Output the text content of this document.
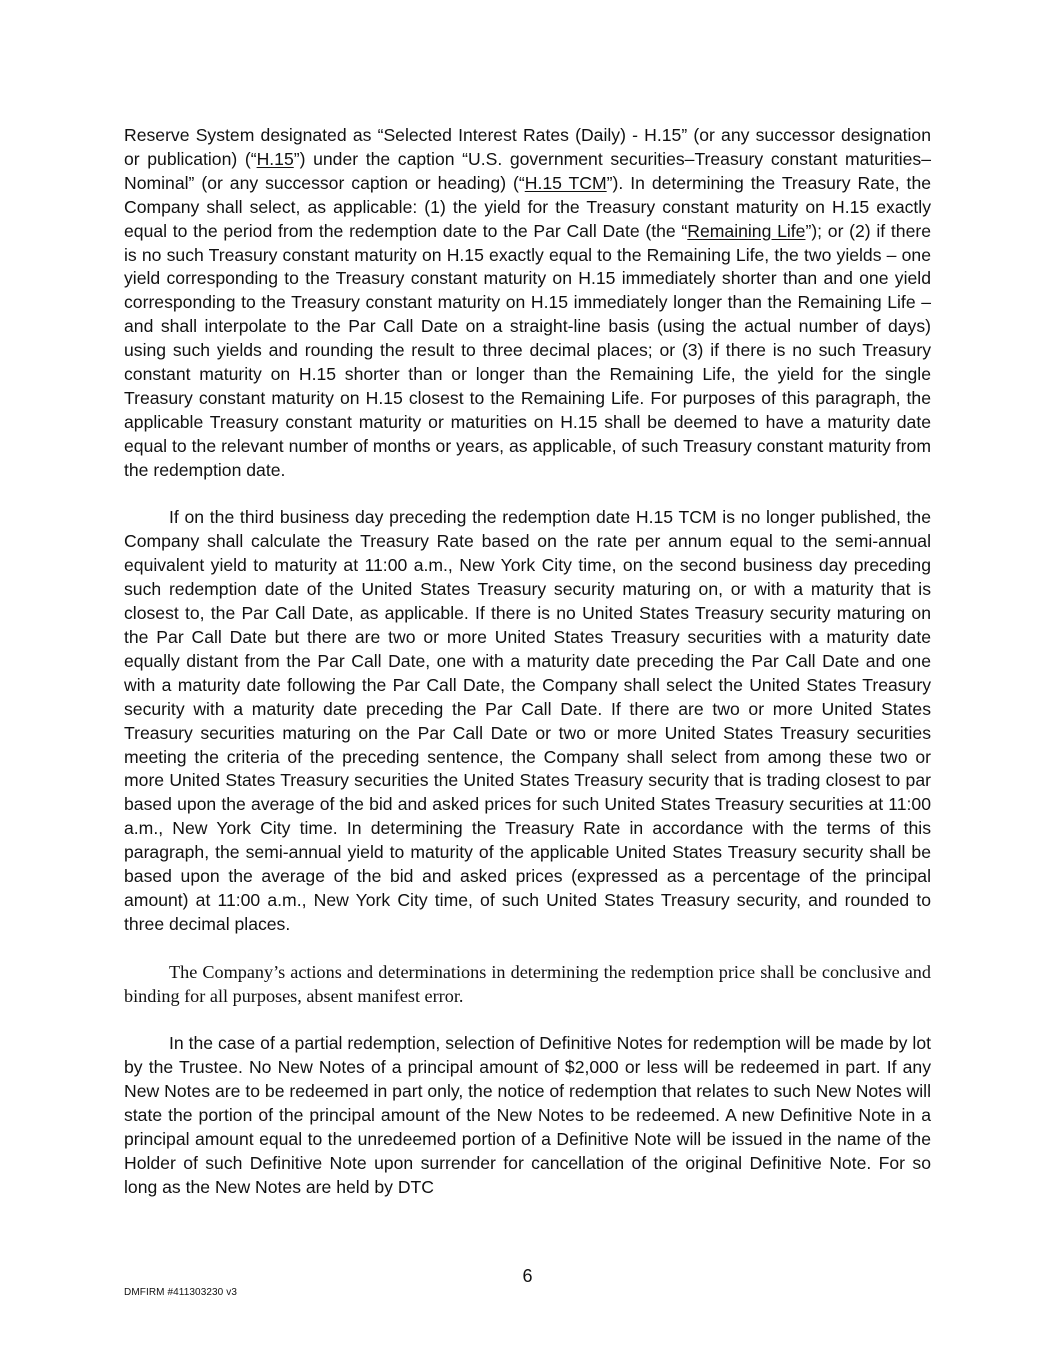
Reserve System designated as “Selected Interest Rates (Daily) - H.15” (or any successor designation or publication) (“H.15”) under the caption “U.S. government securities–Treasury constant maturities–Nominal” (or any successor caption or heading) (“H.15 TCM”). In determining the Treasury Rate, the Company shall select, as applicable: (1) the yield for the Treasury constant maturity on H.15 exactly equal to the period from the redemption date to the Par Call Date (the “Remaining Life”); or (2) if there is no such Treasury constant maturity on H.15 exactly equal to the Remaining Life, the two yields – one yield corresponding to the Treasury constant maturity on H.15 immediately shorter than and one yield corresponding to the Treasury constant maturity on H.15 immediately longer than the Remaining Life – and shall interpolate to the Par Call Date on a straight-line basis (using the actual number of days) using such yields and rounding the result to three decimal places; or (3) if there is no such Treasury constant maturity on H.15 shorter than or longer than the Remaining Life, the yield for the single Treasury constant maturity on H.15 closest to the Remaining Life. For purposes of this paragraph, the applicable Treasury constant maturity or maturities on H.15 shall be deemed to have a maturity date equal to the relevant number of months or years, as applicable, of such Treasury constant maturity from the redemption date.

If on the third business day preceding the redemption date H.15 TCM is no longer published, the Company shall calculate the Treasury Rate based on the rate per annum equal to the semi-annual equivalent yield to maturity at 11:00 a.m., New York City time, on the second business day preceding such redemption date of the United States Treasury security maturing on, or with a maturity that is closest to, the Par Call Date, as applicable. If there is no United States Treasury security maturing on the Par Call Date but there are two or more United States Treasury securities with a maturity date equally distant from the Par Call Date, one with a maturity date preceding the Par Call Date and one with a maturity date following the Par Call Date, the Company shall select the United States Treasury security with a maturity date preceding the Par Call Date. If there are two or more United States Treasury securities maturing on the Par Call Date or two or more United States Treasury securities meeting the criteria of the preceding sentence, the Company shall select from among these two or more United States Treasury securities the United States Treasury security that is trading closest to par based upon the average of the bid and asked prices for such United States Treasury securities at 11:00 a.m., New York City time. In determining the Treasury Rate in accordance with the terms of this paragraph, the semi-annual yield to maturity of the applicable United States Treasury security shall be based upon the average of the bid and asked prices (expressed as a percentage of the principal amount) at 11:00 a.m., New York City time, of such United States Treasury security, and rounded to three decimal places.

The Company’s actions and determinations in determining the redemption price shall be conclusive and binding for all purposes, absent manifest error.

In the case of a partial redemption, selection of Definitive Notes for redemption will be made by lot by the Trustee. No New Notes of a principal amount of $2,000 or less will be redeemed in part. If any New Notes are to be redeemed in part only, the notice of redemption that relates to such New Notes will state the portion of the principal amount of the New Notes to be redeemed. A new Definitive Note in a principal amount equal to the unredeemed portion of a Definitive Note will be issued in the name of the Holder of such Definitive Note upon surrender for cancellation of the original Definitive Note. For so long as the New Notes are held by DTC

6
DMFIRM #411303230 v3
